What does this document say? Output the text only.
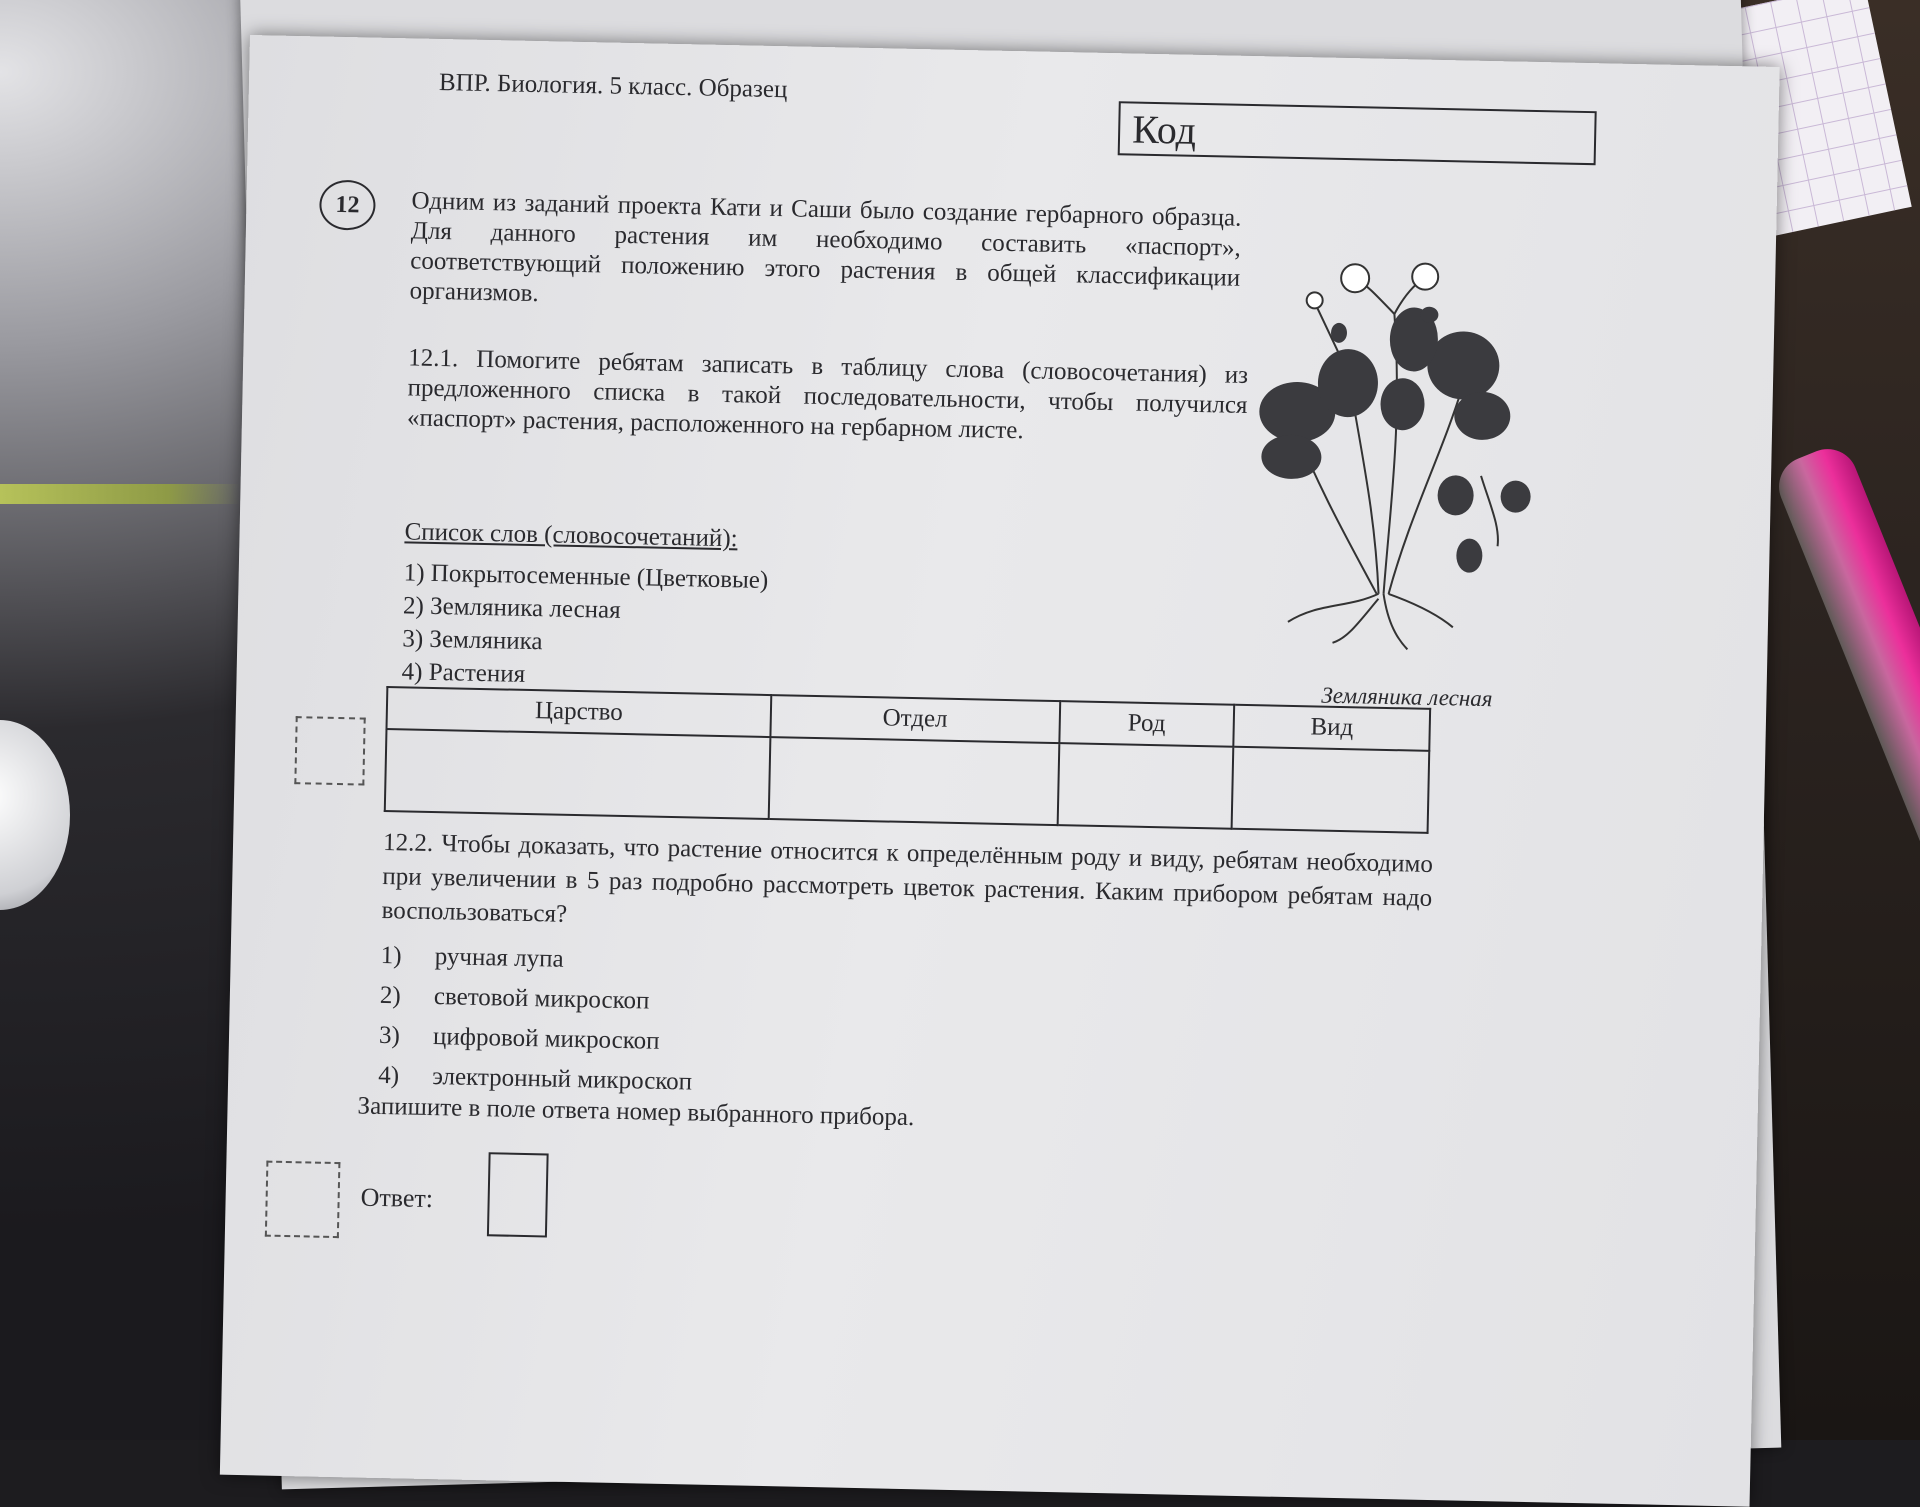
ВПР. Биология. 5 класс. Образец
Код
12	Одним из заданий проекта Кати и Саши было создание гербарного образца. Для данного растения им необходимо составить «паспорт», соответствующий положению этого растения в общей классификации организмов.

12.1. Помогите ребятам записать в таблицу слова (словосочетания) из предложенного списка в такой последовательности, чтобы получился «паспорт» растения, расположенного на гербарном листе.

Список слов (словосочетаний):

1) Покрытосеменные (Цветковые)
2) Земляника лесная
3) Земляника
4) Растения
Земляника лесная
Царство	Отдел	Род	Вид

12.2. Чтобы доказать, что растение относится к определённым роду и виду, ребятам необходимо при увеличении в 5 раз подробно рассмотреть цветок растения. Каким прибором ребятам надо воспользоваться?

1) ручная лупа
2) световой микроскоп
3) цифровой микроскоп
4) электронный микроскоп

Запишите в поле ответа номер выбранного прибора.

Ответ:
